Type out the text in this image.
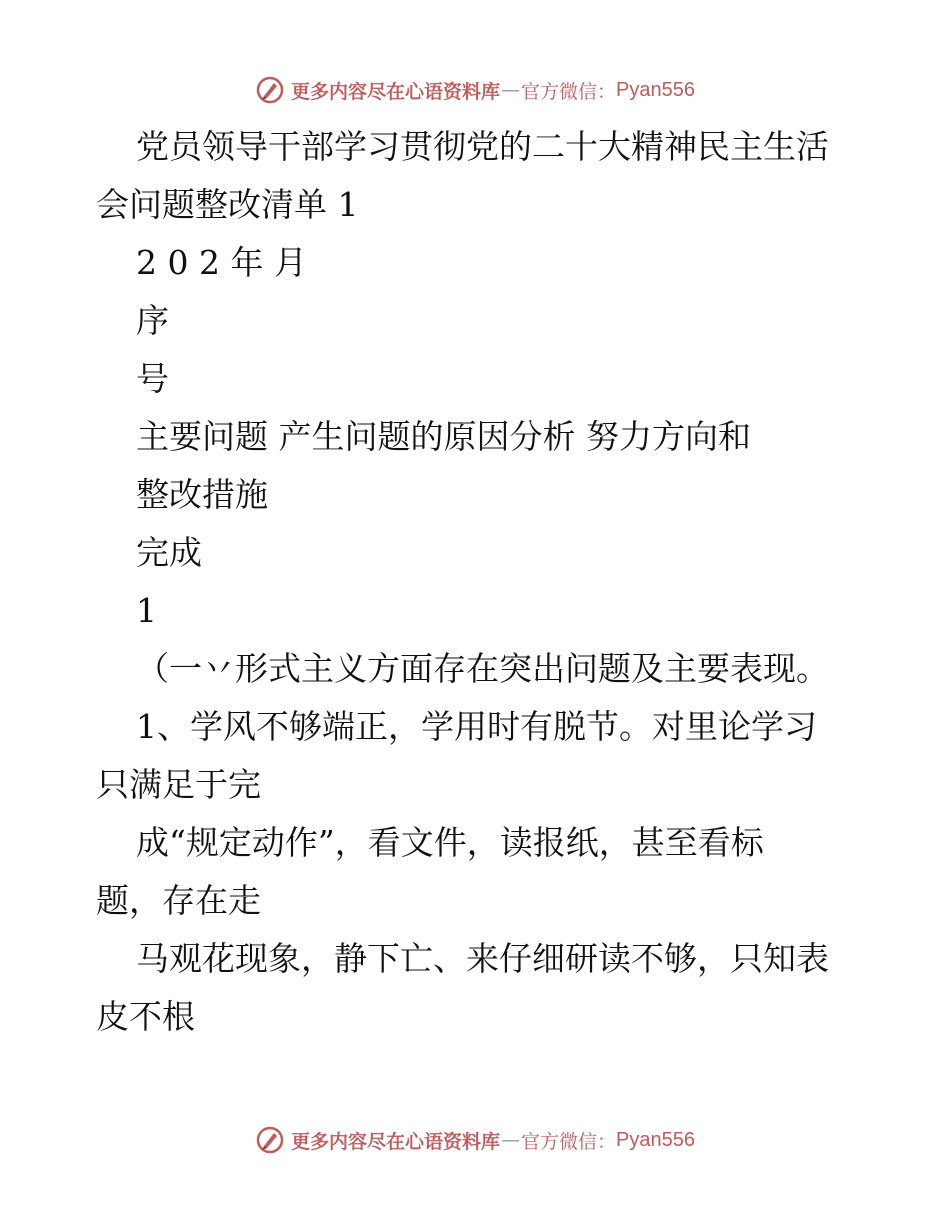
更多内容尽在心语资料库 — 官方微信： Pyan556

党员领导干部学习贯彻党的二十大精神民主生活

会问题整改清单 1

2 0 2 年 月

序

号

主要问题 产生问题的原因分析 努力方向和

整改措施

完成

1

（一丷形式主义方面存在突出问题及主要表现。

1、学风不够端正，学用时有脱节。对里论学习

只满足于完

成“规定动作”，看文件，读报纸，甚至看标

题，存在走

马观花现象，静下亡、来仔细研读不够，只知表

皮不根

更多内容尽在心语资料库 — 官方微信： Pyan556
